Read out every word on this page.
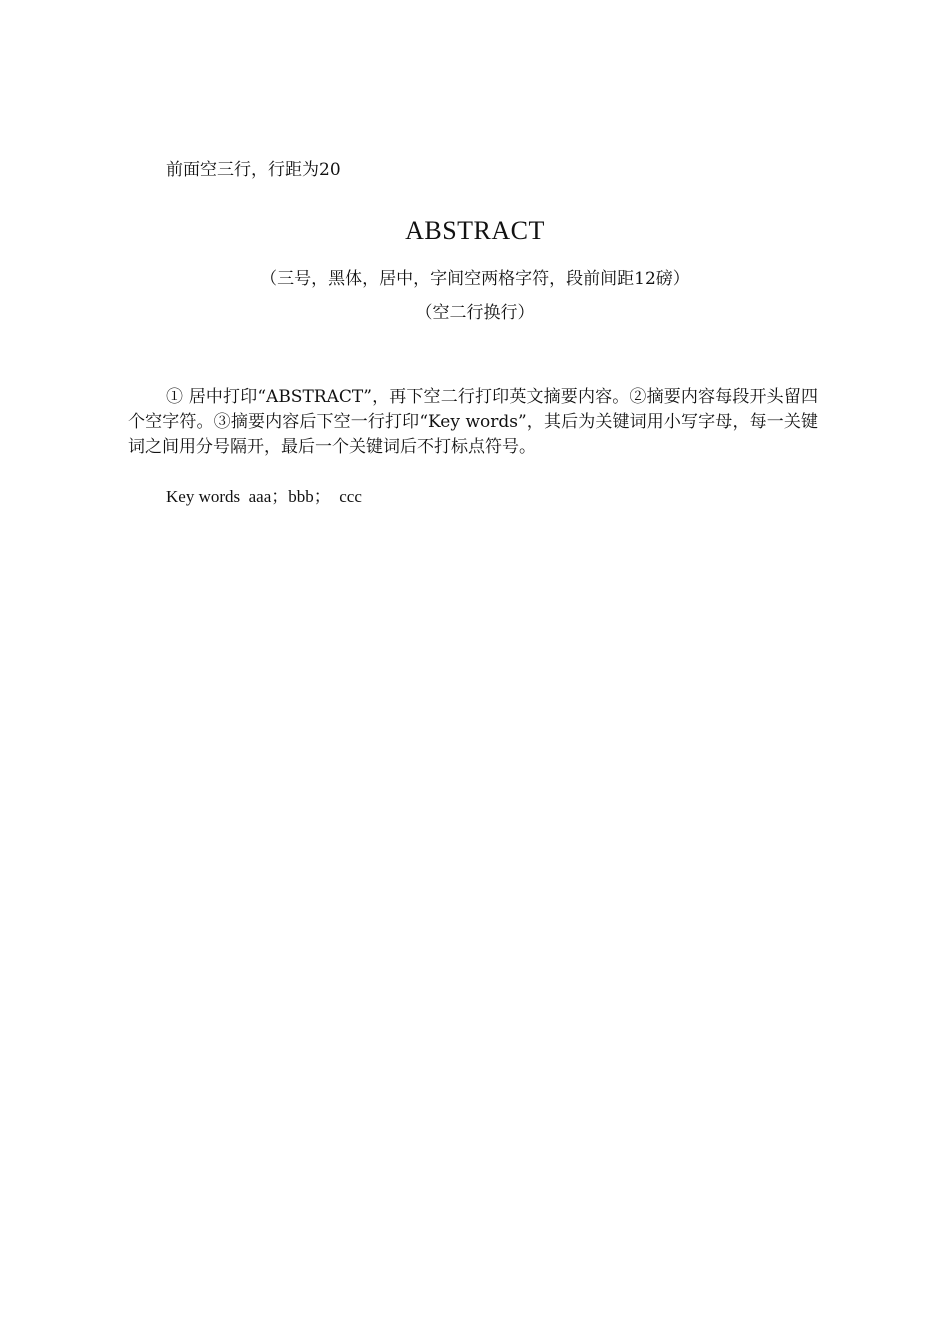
前面空三行，行距为20
ABSTRACT
（三号，黑体，居中，字间空两格字符，段前间距12磅）
（空二行换行）

① 居中打印“ABSTRACT”，再下空二行打印英文摘要内容。②摘要内容每段开头留四个空字符。③摘要内容后下空一行打印“Key words”，其后为关键词用小写字母，每一关键词之间用分号隔开，最后一个关键词后不打标点符号。

Key words  aaa；bbb；  ccc
